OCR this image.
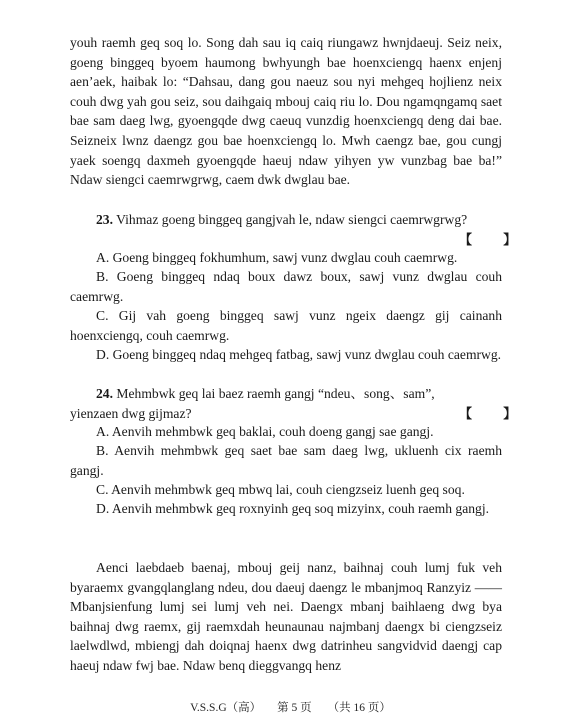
youh raemh geq soq lo. Song dah sau iq caiq riungawz hwnjdaeuj. Seiz neix, goeng binggeq byoem haumong bwhyungh bae hoenxciengq haenx enjenj aen’aek, haibak lo: “Dahsau, dang gou naeuz sou nyi mehgeq hojlienz neix couh dwg yah gou seiz, sou daihgaiq mbouj caiq riu lo. Dou ngamqngamq saet bae sam daeg lwg, gyoengqde dwg caeuq vunzdig hoenxciengq deng dai bae. Seizneix lwnz daengz gou bae hoenxciengq lo. Mwh caengz bae, gou cungj yaek soengq daxmeh gyoengqde haeuj ndaw yihyen yw vunzbag bae ba!” Ndaw siengci caemrwgrwg, caem dwk dwglau bae.
23. Vihmaz goeng binggeq gangjvah le, ndaw siengci caemrwgrwg?
【 】
A. Goeng binggeq fokhumhum, sawj vunz dwglau couh caemrwg.
B. Goeng binggeq ndaq boux dawz boux, sawj vunz dwglau couh caemrwg.
C. Gij vah goeng binggeq sawj vunz ngeix daengz gij cainanh hoenxciengq, couh caemrwg.
D. Goeng binggeq ndaq mehgeq fatbag, sawj vunz dwglau couh caemrwg.
24. Mehmbwk geq lai baez raemh gangj “ndeu、song、sam”, yienzaen dwg gijmaz?	【 】
A. Aenvih mehmbwk geq baklai, couh doeng gangj sae gangj.
B. Aenvih mehmbwk geq saet bae sam daeg lwg, ukluenh cix raemh gangj.
C. Aenvih mehmbwk geq mbwq lai, couh ciengzseiz luenh geq soq.
D. Aenvih mehmbwk geq roxnyinh geq soq mizyinx, couh raemh gangj.
Aenci laebdaeb baenaj, mbouj geij nanz, baihnaj couh lumj fuk veh byaraemx gvangqlanglang ndeu, dou daeuj daengz le mbanjmoq Ranzyiz —— Mbanjsienfung lumj sei lumj veh nei. Daengx mbanj baihlaeng dwg bya baihnaj dwg raemx, gij raemxdah heunaunau najmbanj daengx bi ciengzseiz laelwdlwd, mbiengj dah doiqnaj haenx dwg datrinheu sangvidvid daengj cap haeuj ndaw fwj bae. Ndaw benq dieggvangq henz
V.S.S.G（高） 第 5 页 （共 16 页）
